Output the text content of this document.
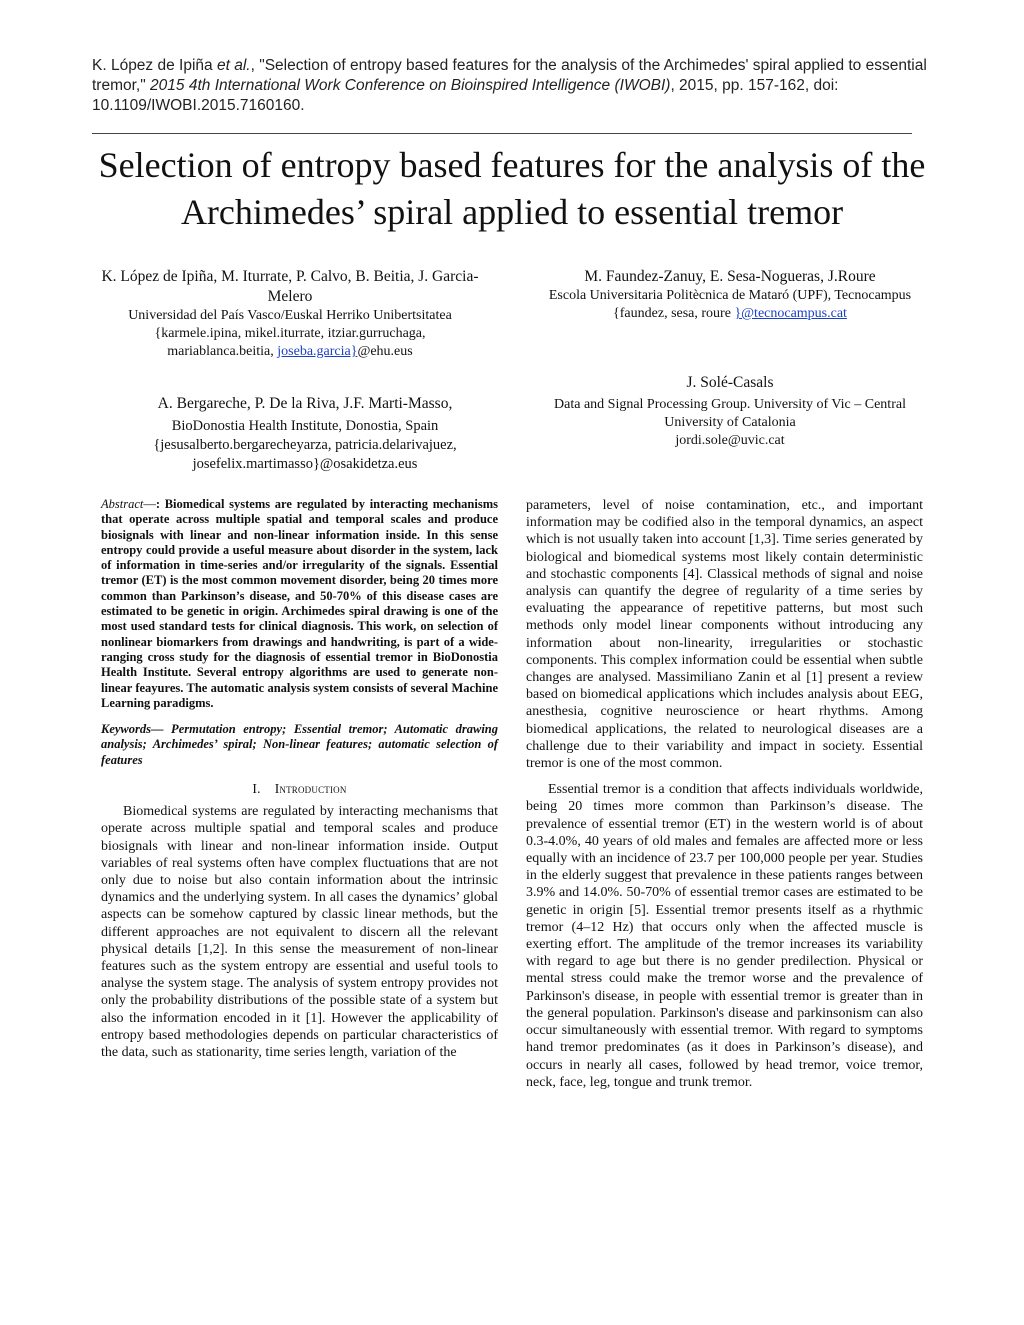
K. López de Ipiña et al., "Selection of entropy based features for the analysis of the Archimedes' spiral applied to essential tremor," 2015 4th International Work Conference on Bioinspired Intelligence (IWOBI), 2015, pp. 157-162, doi: 10.1109/IWOBI.2015.7160160.
Selection of entropy based features for the analysis of the Archimedes’ spiral applied to essential tremor
K. López de Ipiña, M. Iturrate, P. Calvo, B. Beitia, J. Garcia-Melero
Universidad del País Vasco/Euskal Herriko Unibertsitatea
{karmele.ipina, mikel.iturrate, itziar.gurruchaga, mariablanca.beitia, joseba.garcia}@ehu.eus
M. Faundez-Zanuy, E. Sesa-Nogueras, J.Roure
Escola Universitaria Politècnica de Mataró (UPF), Tecnocampus
{faundez, sesa, roure }@tecnocampus.cat
A. Bergareche, P. De la Riva, J.F. Marti-Masso,
BioDonostia Health Institute, Donostia, Spain
{jesusalberto.bergarecheyarza, patricia.delarivajuez, josefelix.martimasso}@osakidetza.eus
J. Solé-Casals
Data and Signal Processing Group. University of Vic – Central University of Catalonia
jordi.sole@uvic.cat

Abstract—: Biomedical systems are regulated by interacting mechanisms that operate across multiple spatial and temporal scales and produce biosignals with linear and non-linear information inside. In this sense entropy could provide a useful measure about disorder in the system, lack of information in time-series and/or irregularity of the signals. Essential tremor (ET) is the most common movement disorder, being 20 times more common than Parkinson’s disease, and 50-70% of this disease cases are estimated to be genetic in origin. Archimedes spiral drawing is one of the most used standard tests for clinical diagnosis. This work, on selection of nonlinear biomarkers from drawings and handwriting, is part of a wide-ranging cross study for the diagnosis of essential tremor in BioDonostia Health Institute. Several entropy algorithms are used to generate non-linear feayures. The automatic analysis system consists of several Machine Learning paradigms.

Keywords— Permutation entropy; Essential tremor; Automatic drawing analysis; Archimedes’ spiral; Non-linear features; automatic selection of features

I. Introduction

Biomedical systems are regulated by interacting mechanisms that operate across multiple spatial and temporal scales and produce biosignals with linear and non-linear information inside. Output variables of real systems often have complex fluctuations that are not only due to noise but also contain information about the intrinsic dynamics and the underlying system. In all cases the dynamics’ global aspects can be somehow captured by classic linear methods, but the different approaches are not equivalent to discern all the relevant physical details [1,2]. In this sense the measurement of non-linear features such as the system entropy are essential and useful tools to analyse the system stage. The analysis of system entropy provides not only the probability distributions of the possible state of a system but also the information encoded in it [1]. However the applicability of entropy based methodologies depends on particular characteristics of the data, such as stationarity, time series length, variation of the

parameters, level of noise contamination, etc., and important information may be codified also in the temporal dynamics, an aspect which is not usually taken into account [1,3]. Time series generated by biological and biomedical systems most likely contain deterministic and stochastic components [4]. Classical methods of signal and noise analysis can quantify the degree of regularity of a time series by evaluating the appearance of repetitive patterns, but most such methods only model linear components without introducing any information about non-linearity, irregularities or stochastic components. This complex information could be essential when subtle changes are analysed. Massimiliano Zanin et al [1] present a review based on biomedical applications which includes analysis about EEG, anesthesia, cognitive neuroscience or heart rhythms. Among biomedical applications, the related to neurological diseases are a challenge due to their variability and impact in society. Essential tremor is one of the most common.

Essential tremor is a condition that affects individuals worldwide, being 20 times more common than Parkinson’s disease. The prevalence of essential tremor (ET) in the western world is of about 0.3-4.0%, 40 years of old males and females are affected more or less equally with an incidence of 23.7 per 100,000 people per year. Studies in the elderly suggest that prevalence in these patients ranges between 3.9% and 14.0%. 50-70% of essential tremor cases are estimated to be genetic in origin [5]. Essential tremor presents itself as a rhythmic tremor (4–12 Hz) that occurs only when the affected muscle is exerting effort. The amplitude of the tremor increases its variability with regard to age but there is no gender predilection. Physical or mental stress could make the tremor worse and the prevalence of Parkinson's disease, in people with essential tremor is greater than in the general population. Parkinson's disease and parkinsonism can also occur simultaneously with essential tremor. With regard to symptoms hand tremor predominates (as it does in Parkinson’s disease), and occurs in nearly all cases, followed by head tremor, voice tremor, neck, face, leg, tongue and trunk tremor.
